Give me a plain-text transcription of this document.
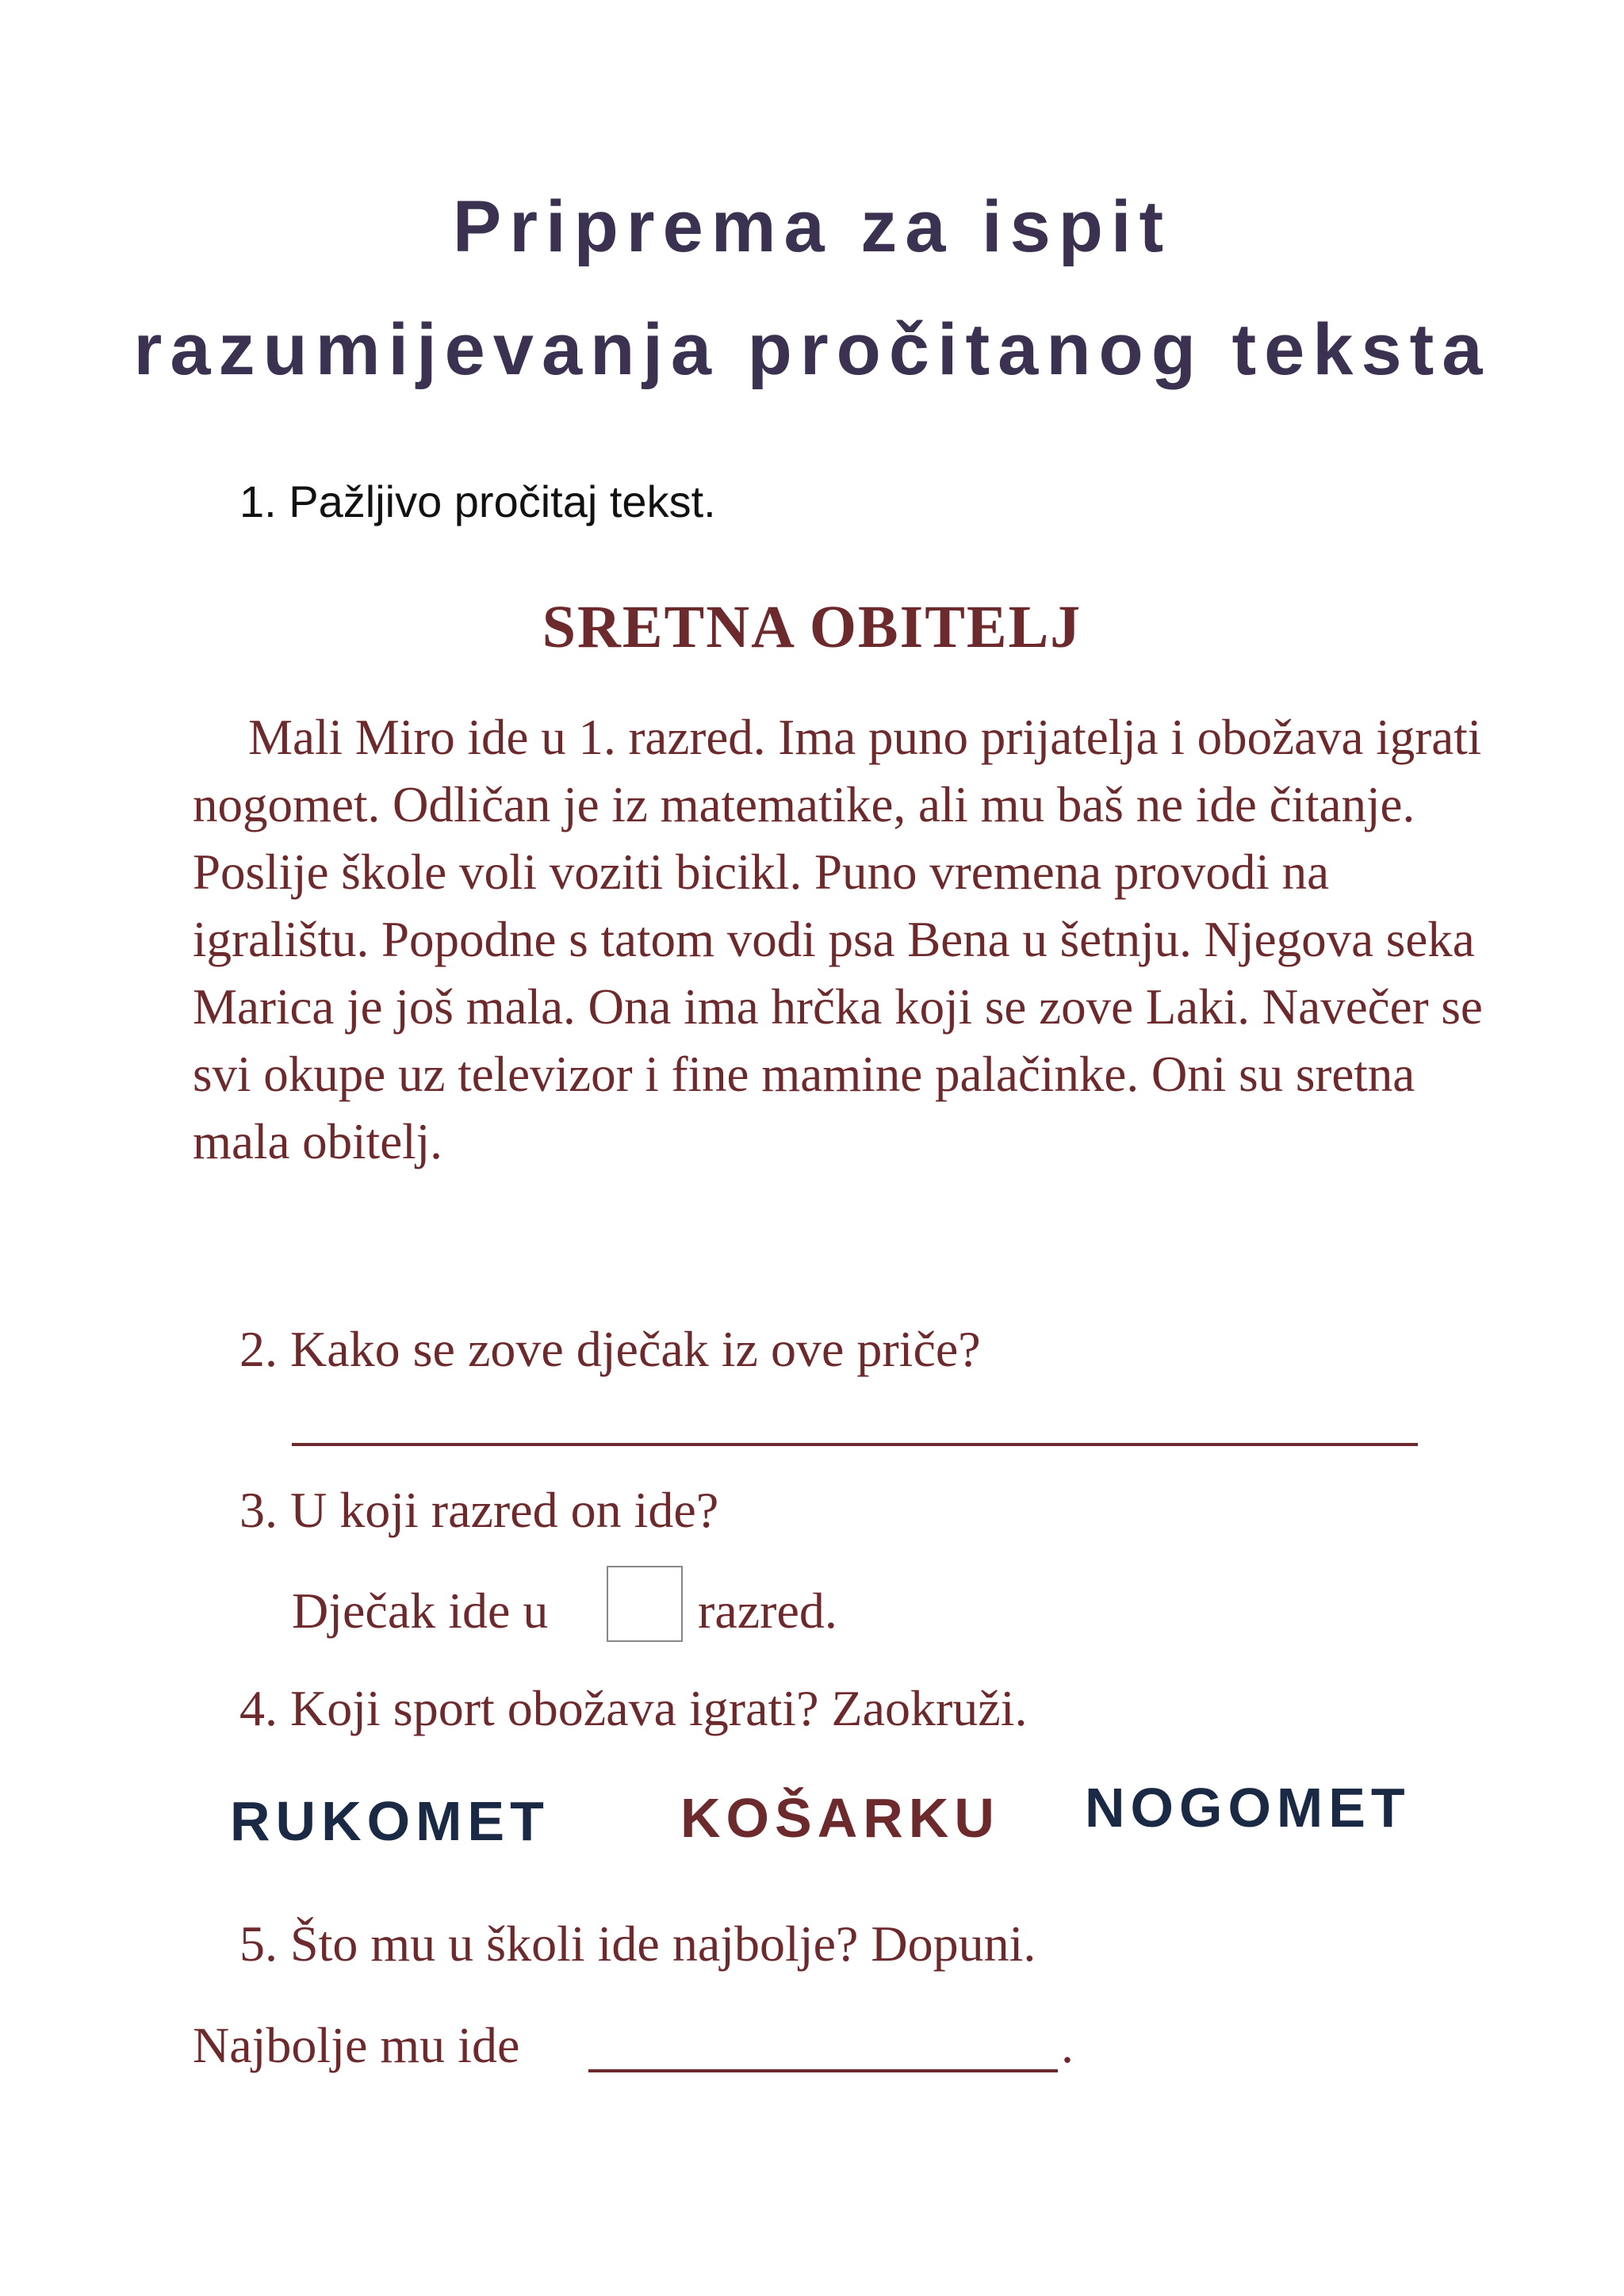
Priprema za ispit
razumijevanja pročitanog teksta
1. Pažljivo pročitaj tekst.
SRETNA OBITELJ

Mali Miro ide u 1. razred. Ima puno prijatelja i obožava igrati nogomet. Odličan je iz matematike, ali mu baš ne ide čitanje. Poslije škole voli voziti bicikl. Puno vremena provodi na igralištu. Popodne s tatom vodi psa Bena u šetnju. Njegova seka Marica je još mala. Ona ima hrčka koji se zove Laki. Navečer se svi okupe uz televizor i fine mamine palačinke. Oni su sretna mala obitelj.

2. Kako se zove dječak iz ove priče?
3. U koji razred on ide?
Dječak ide u	razred.
4. Koji sport obožava igrati? Zaokruži.
RUKOMET KOŠARKU NOGOMET
5. Što mu u školi ide najbolje? Dopuni.
Najbolje mu ide	.
